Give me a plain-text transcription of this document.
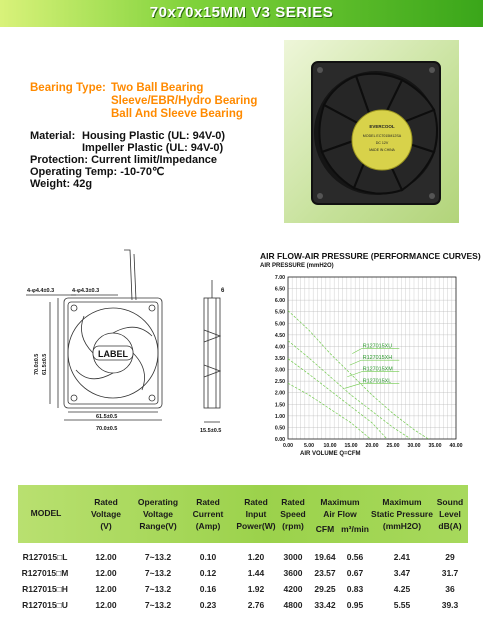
70x70x15MM V3 SERIES
Bearing Type: Two Ball Bearing
Sleeve/EBR/Hydro Bearing
Ball And Sleeve Bearing
Material: Housing Plastic (UL: 94V-0)
Impeller Plastic (UL: 94V-0)
Protection: Current limit/Impedance
Operating Temp: -10-70℃
Weight: 42g
EVERCOOL
MODEL EC7015M12SA
DC 12V
MADE IN CHINA
4-φ4.4±0.3	4-φ4.3±0.3
LABEL
61.5±0.5
70.0±0.5
70.0±0.5 61.5±0.5
6
15.5±0.5
AIR FLOW-AIR PRESSURE (PERFORMANCE CURVES)
AIR PRESSURE (mmH2O)
0.00
0.50
1.00
1.50
2.00
2.50
3.00
3.50
4.00
4.50
5.00
5.50
6.00
6.50
7.00
0.00 5.00 10.00 15.00 20.00 25.00 30.00 35.00 40.00
R127015XU
R127015XH
R127015XM
R127015XL
AIR VOLUME Q=CFM
MODEL
Rated
Voltage
(V)
Operating
Voltage
Range(V)
Rated
Current
(Amp)
Rated
Input
Power(W)
Rated
Speed
(rpm)
Maximum
Air Flow
CFM m³/min
Maximum
Static Pressure
(mmH2O)
Sound
Level
dB(A)
R127015□L	12.00	7~13.2	0.10	1.20	3000	19.64	0.56	2.41	29
R127015□M	12.00	7~13.2	0.12	1.44	3600	23.57	0.67	3.47	31.7
R127015□H	12.00	7~13.2	0.16	1.92	4200	29.25	0.83	4.25	36
R127015□U	12.00	7~13.2	0.23	2.76	4800	33.42	0.95	5.55	39.3
